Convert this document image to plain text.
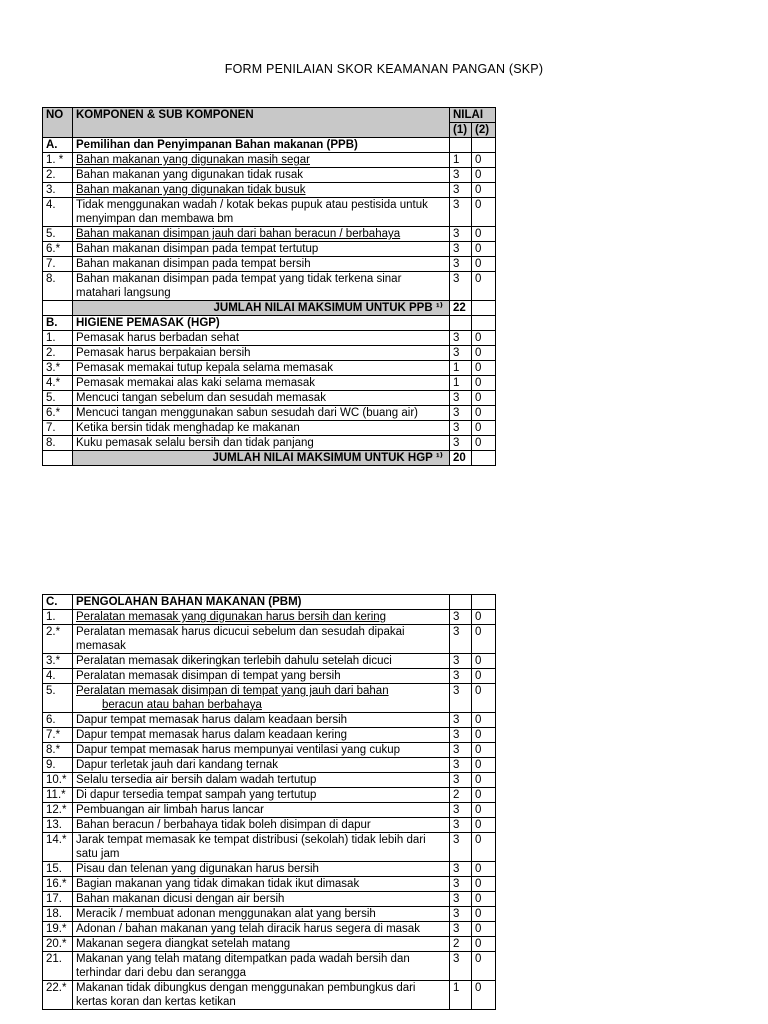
FORM PENILAIAN SKOR KEAMANAN PANGAN (SKP)
NO	KOMPONEN & SUB KOMPONEN	NILAI	
		(1)	(2)
A.	Pemilihan dan Penyimpanan Bahan makanan (PPB)		
1. *	Bahan makanan yang digunakan masih segar	1	0
2.	Bahan makanan yang digunakan tidak rusak	3	0
3.	Bahan makanan yang digunakan tidak busuk	3	0
4.	Tidak menggunakan wadah / kotak bekas pupuk atau pestisida untuk menyimpan dan membawa bm	3	0
5.	Bahan makanan disimpan jauh dari bahan beracun / berbahaya	3	0
6.*	Bahan makanan disimpan pada tempat tertutup	3	0
7.	Bahan makanan disimpan pada tempat bersih	3	0
8.	Bahan makanan disimpan pada tempat yang tidak terkena sinar matahari langsung	3	0
	JUMLAH NILAI MAKSIMUM UNTUK PPB ¹⁾	22	
B.	HIGIENE PEMASAK (HGP)		
1.	Pemasak harus berbadan sehat	3	0
2.	Pemasak harus berpakaian bersih	3	0
3.*	Pemasak memakai tutup kepala selama memasak	1	0
4.*	Pemasak memakai alas kaki selama memasak	1	0
5.	Mencuci tangan sebelum dan sesudah memasak	3	0
6.*	Mencuci tangan menggunakan sabun sesudah dari WC (buang air)	3	0
7.	Ketika bersin tidak menghadap ke makanan	3	0
8.	Kuku pemasak selalu bersih dan tidak panjang	3	0
	JUMLAH NILAI MAKSIMUM UNTUK HGP ¹⁾	20	
C.	PENGOLAHAN BAHAN MAKANAN (PBM)		
1.	Peralatan memasak yang digunakan harus bersih dan kering	3	0
2.*	Peralatan memasak harus dicucui sebelum dan sesudah dipakai memasak	3	0
3.*	Peralatan memasak dikeringkan terlebih dahulu setelah dicuci	3	0
4.	Peralatan memasak disimpan di tempat yang bersih	3	0
5.	Peralatan memasak disimpan di tempat yang jauh dari bahan
beracun atau bahan berbahaya	3	0
6.	Dapur tempat memasak harus dalam keadaan bersih	3	0
7.*	Dapur tempat memasak harus dalam keadaan kering	3	0
8.*	Dapur tempat memasak harus mempunyai ventilasi yang cukup	3	0
9.	Dapur terletak jauh dari kandang ternak	3	0
10.*	Selalu tersedia air bersih dalam wadah tertutup	3	0
11.*	Di dapur tersedia tempat sampah yang tertutup	2	0
12.*	Pembuangan air limbah harus lancar	3	0
13.	Bahan beracun / berbahaya tidak boleh disimpan di dapur	3	0
14.*	Jarak tempat memasak ke tempat distribusi (sekolah) tidak lebih dari satu jam	3	0
15.	Pisau dan telenan yang digunakan harus bersih	3	0
16.*	Bagian makanan yang tidak dimakan tidak ikut dimasak	3	0
17.	Bahan makanan dicusi dengan air bersih	3	0
18.	Meracik / membuat adonan menggunakan alat yang bersih	3	0
19.*	Adonan / bahan makanan yang telah diracik harus segera di masak	3	0
20.*	Makanan segera diangkat setelah matang	2	0
21.	Makanan yang telah matang ditempatkan pada wadah bersih dan terhindar dari debu dan serangga	3	0
22.*	Makanan tidak dibungkus dengan menggunakan pembungkus dari kertas koran dan kertas ketikan	1	0
